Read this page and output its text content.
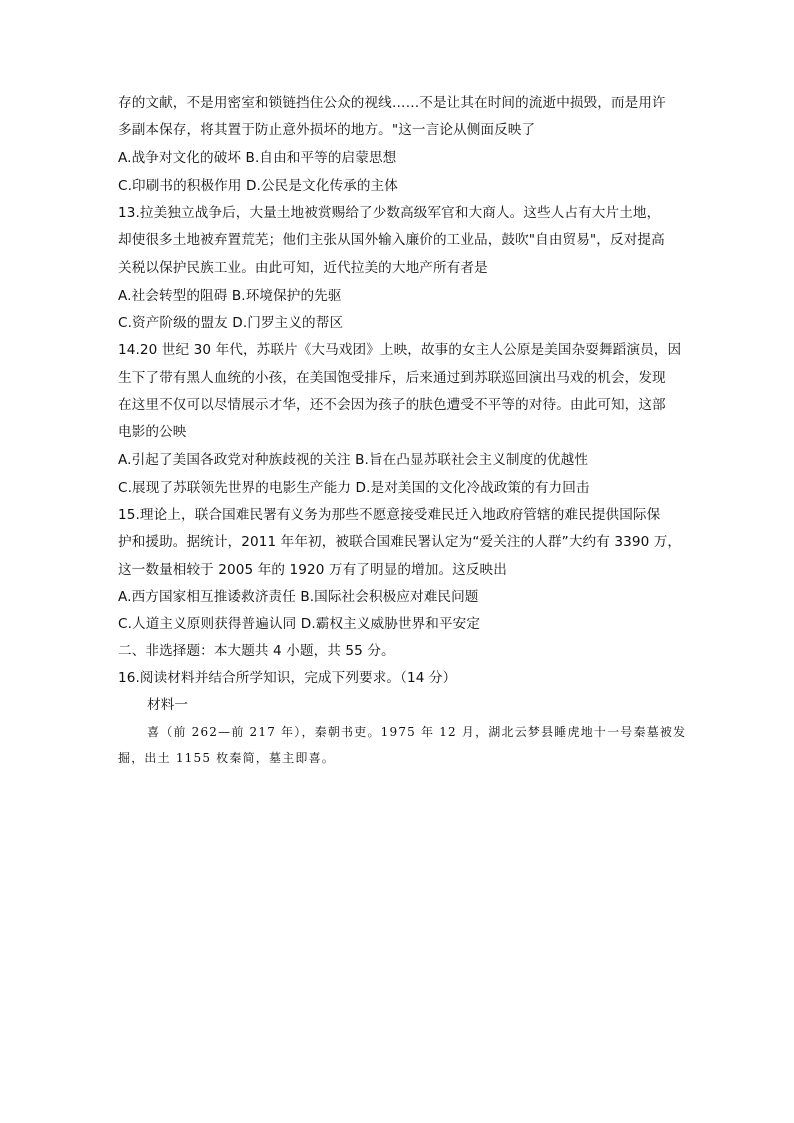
存的文献，不是用密室和锁链挡住公众的视线……不是让其在时间的流逝中损毁，而是用许
多副本保存，将其置于防止意外损坏的地方。"这一言论从侧面反映了
A.战争对文化的破坏 B.自由和平等的启蒙思想
C.印刷书的积极作用 D.公民是文化传承的主体
13.拉美独立战争后，大量土地被赏赐给了少数高级军官和大商人。这些人占有大片土地，
却使很多土地被弃置荒芜；他们主张从国外输入廉价的工业品，鼓吹"自由贸易"，反对提高
关税以保护民族工业。由此可知，近代拉美的大地产所有者是
A.社会转型的阻碍 B.环境保护的先驱
C.资产阶级的盟友 D.门罗主义的帮区
14.20 世纪 30 年代，苏联片《大马戏团》上映，故事的女主人公原是美国杂耍舞蹈演员，因
生下了带有黑人血统的小孩，在美国饱受排斥，后来通过到苏联巡回演出马戏的机会，发现
在这里不仅可以尽情展示才华，还不会因为孩子的肤色遭受不平等的对待。由此可知，这部
电影的公映
A.引起了美国各政党对种族歧视的关注 B.旨在凸显苏联社会主义制度的优越性
C.展现了苏联领先世界的电影生产能力 D.是对美国的文化冷战政策的有力回击
15.理论上，联合国难民署有义务为那些不愿意接受难民迁入地政府管辖的难民提供国际保
护和援助。据统计，2011 年年初，被联合国难民署认定为“爱关注的人群”大约有 3390 万，
这一数量相较于 2005 年的 1920 万有了明显的增加。这反映出
A.西方国家相互推诿救济责任 B.国际社会积极应对难民问题
C.人道主义原则获得普遍认同 D.霸权主义威胁世界和平安定
二、非选择题：本大题共 4 小题，共 55 分。
16.阅读材料并结合所学知识，完成下列要求。（14 分）
材料一
喜（前 262—前 217 年），秦朝书吏。1975 年 12 月，湖北云梦县睡虎地十一号秦墓被发
掘，出土 1155 枚秦简，墓主即喜。
